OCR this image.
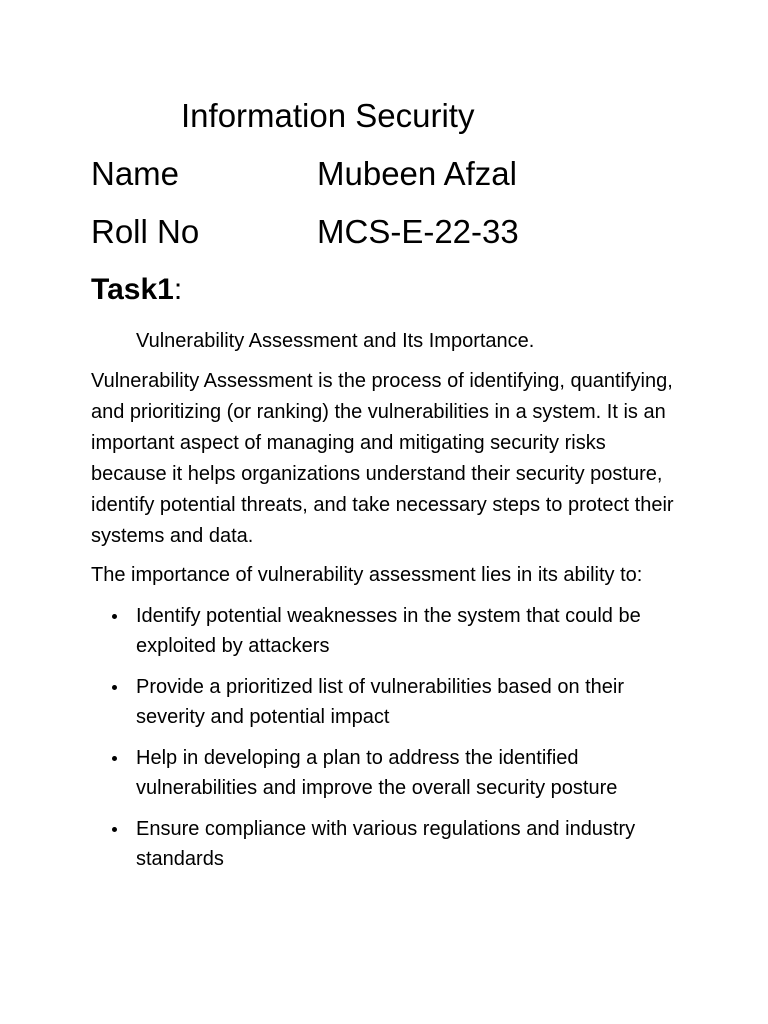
Information Security
Name	Mubeen Afzal
Roll No	MCS-E-22-33
Task1:
Vulnerability Assessment and Its Importance.

Vulnerability Assessment is the process of identifying, quantifying, and prioritizing (or ranking) the vulnerabilities in a system. It is an important aspect of managing and mitigating security risks because it helps organizations understand their security posture, identify potential threats, and take necessary steps to protect their systems and data.

The importance of vulnerability assessment lies in its ability to:

Identify potential weaknesses in the system that could be exploited by attackers
Provide a prioritized list of vulnerabilities based on their severity and potential impact
Help in developing a plan to address the identified vulnerabilities and improve the overall security posture
Ensure compliance with various regulations and industry standards
